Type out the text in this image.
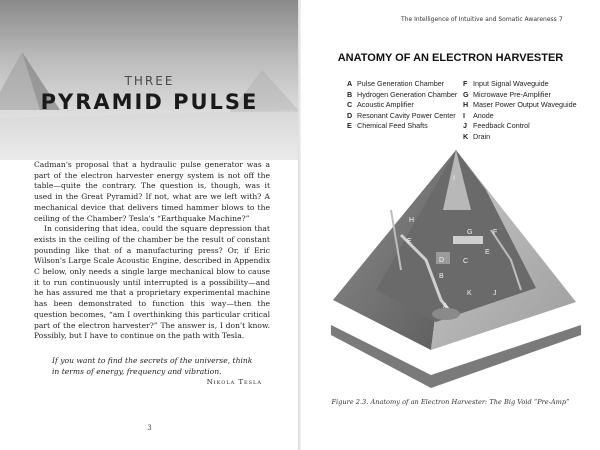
THREE
PYRAMID PULSE

Cadman's proposal that a hydraulic pulse generator was a part of the electron harvester energy system is not off the table—quite the contrary. The question is, though, was it used in the Great Pyramid? If not, what are we left with? A mechanical device that delivers timed hammer blows to the ceiling of the Chamber? Tesla's “Earthquake Machine?”

In considering that idea, could the square depression that exists in the ceiling of the chamber be the result of constant pounding like that of a manufacturing press? Or, if Eric Wilson's Large Scale Acoustic Engine, described in Appendix C below, only needs a single large mechanical blow to cause it to run continuously until interrupted is a possibility—and he has assured me that a proprietary experimental machine has been demonstrated to function this way—then the question becomes, “am I overthinking this particular critical part of the electron harvester?” The answer is, I don't know. Possibly, but I have to continue on the path with Tesla.

If you want to find the secrets of the universe, think in terms of energy, frequency and vibration.
Nikola Tesla
3
The Intelligence of Intuitive and Somatic Awareness 7
ANATOMY OF AN ELECTRON HARVESTER
A Pulse Generation Chamber
B Hydrogen Generation Chamber
C Acoustic Amplifier
D Resonant Cavity Power Center
E Chemical Feed Shafts
F Input Signal Waveguide
G Microwave Pre-Amplifier
H Maser Power Output Waveguide
I	Anode
J Feedback Control
K Drain
I
H
E
G	F
E
D	C
B
K	J
A
Figure 2.3. Anatomy of an Electron Harvester: The Big Void “Pre-Amp”
